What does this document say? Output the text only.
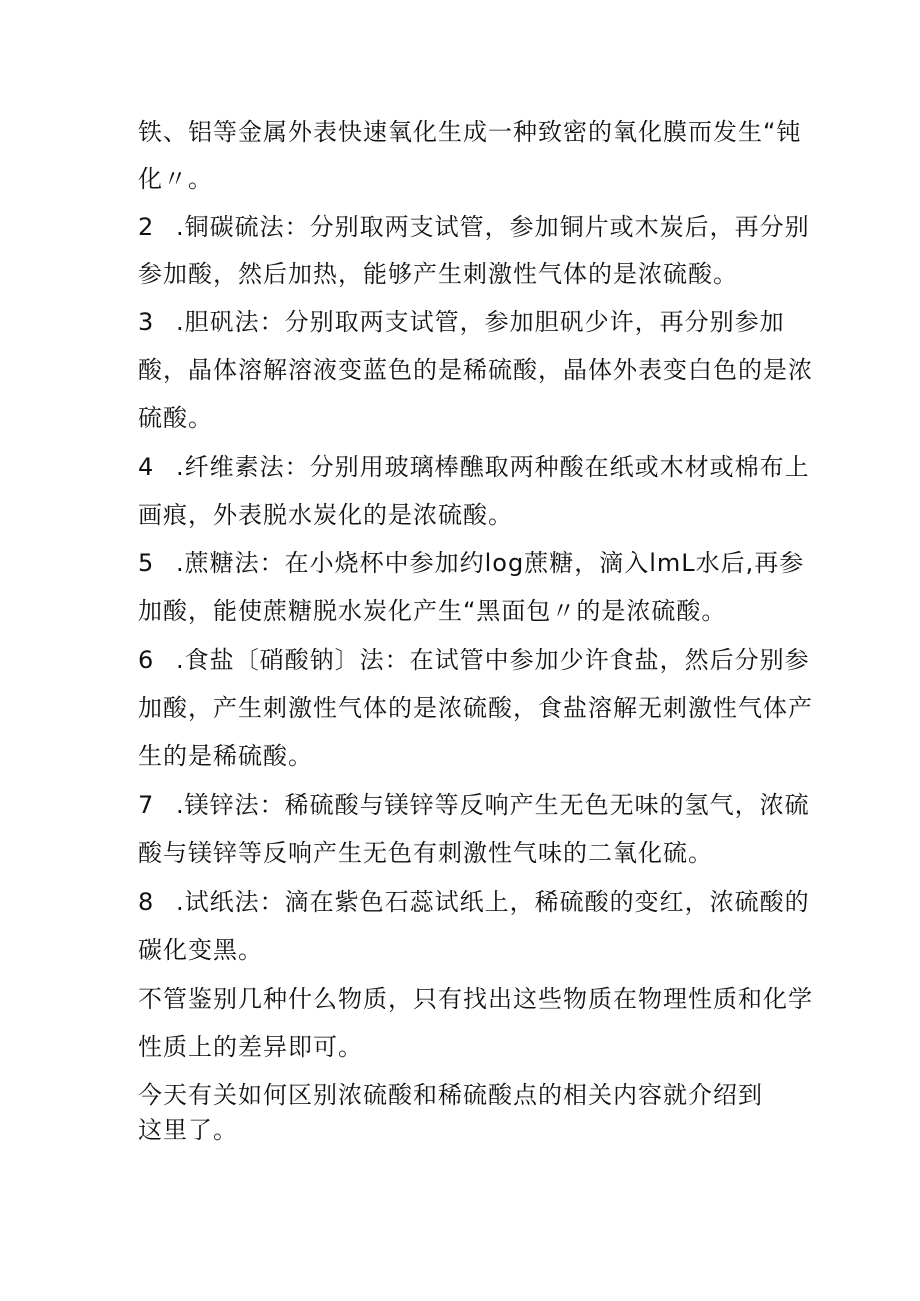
铁、铝等金属外表快速氧化生成一种致密的氧化膜而发生“钝
化〃。
2 .铜碳硫法：分别取两支试管，参加铜片或木炭后，再分别
参加酸，然后加热，能够产生刺激性气体的是浓硫酸。
3 .胆矾法：分别取两支试管，参加胆矾少许，再分别参加
酸，晶体溶解溶液变蓝色的是稀硫酸，晶体外表变白色的是浓
硫酸。
4 .纤维素法：分别用玻璃棒醮取两种酸在纸或木材或棉布上
画痕，外表脱水炭化的是浓硫酸。
5 .蔗糖法：在小烧杯中参加约log蔗糖，滴入lmL水后,再参
加酸，能使蔗糖脱水炭化产生“黑面包〃的是浓硫酸。
6 .食盐〔硝酸钠〕法：在试管中参加少许食盐，然后分别参
加酸，产生刺激性气体的是浓硫酸，食盐溶解无刺激性气体产
生的是稀硫酸。
7 .镁锌法：稀硫酸与镁锌等反响产生无色无味的氢气，浓硫
酸与镁锌等反响产生无色有刺激性气味的二氧化硫。
8 .试纸法：滴在紫色石蕊试纸上，稀硫酸的变红，浓硫酸的
碳化变黑。
不管鉴别几种什么物质，只有找出这些物质在物理性质和化学
性质上的差异即可。
今天有关如何区别浓硫酸和稀硫酸点的相关内容就介绍到
这里了。
